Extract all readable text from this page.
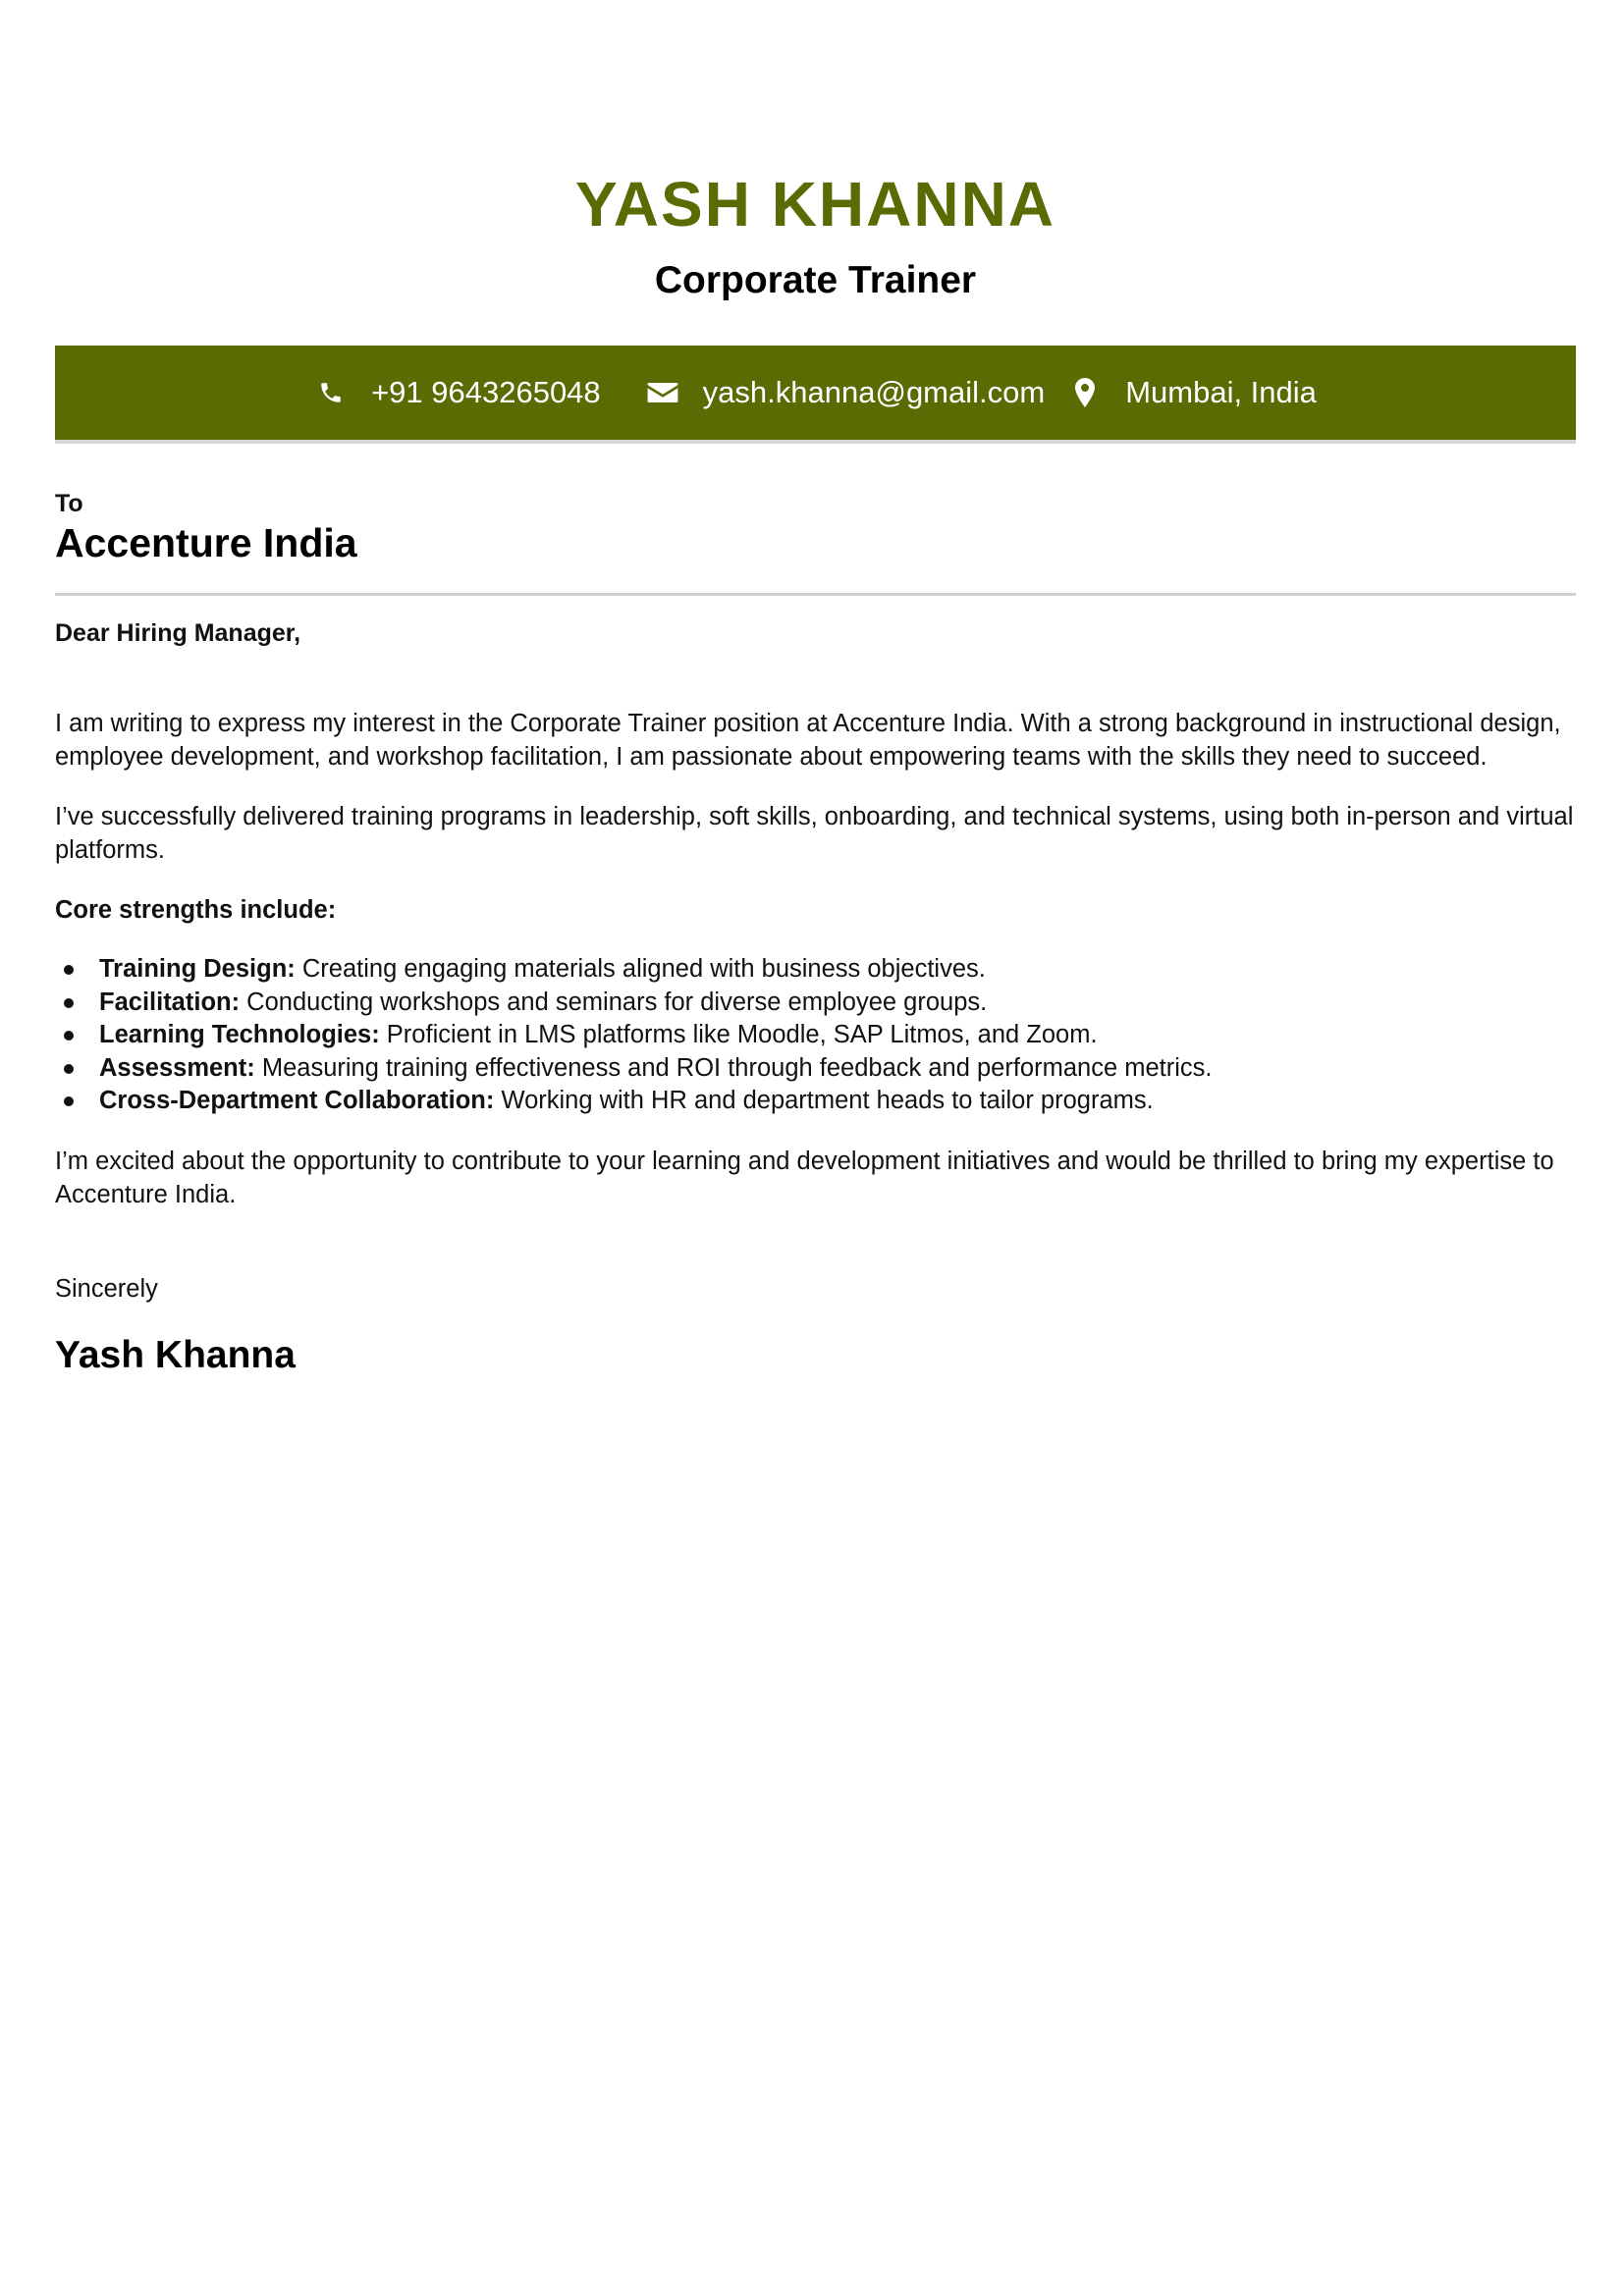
YASH KHANNA
Corporate Trainer
+91 9643265048	yash.khanna@gmail.com	Mumbai, India
To
Accenture India
Dear Hiring Manager,

I am writing to express my interest in the Corporate Trainer position at Accenture India. With a strong background in instructional design, employee development, and workshop facilitation, I am passionate about empowering teams with the skills they need to succeed.

I’ve successfully delivered training programs in leadership, soft skills, onboarding, and technical systems, using both in-person and virtual platforms.

Core strengths include:

Training Design: Creating engaging materials aligned with business objectives.
Facilitation: Conducting workshops and seminars for diverse employee groups.
Learning Technologies: Proficient in LMS platforms like Moodle, SAP Litmos, and Zoom.
Assessment: Measuring training effectiveness and ROI through feedback and performance metrics.
Cross-Department Collaboration: Working with HR and department heads to tailor programs.

I’m excited about the opportunity to contribute to your learning and development initiatives and would be thrilled to bring my expertise to Accenture India.

Sincerely
Yash Khanna
